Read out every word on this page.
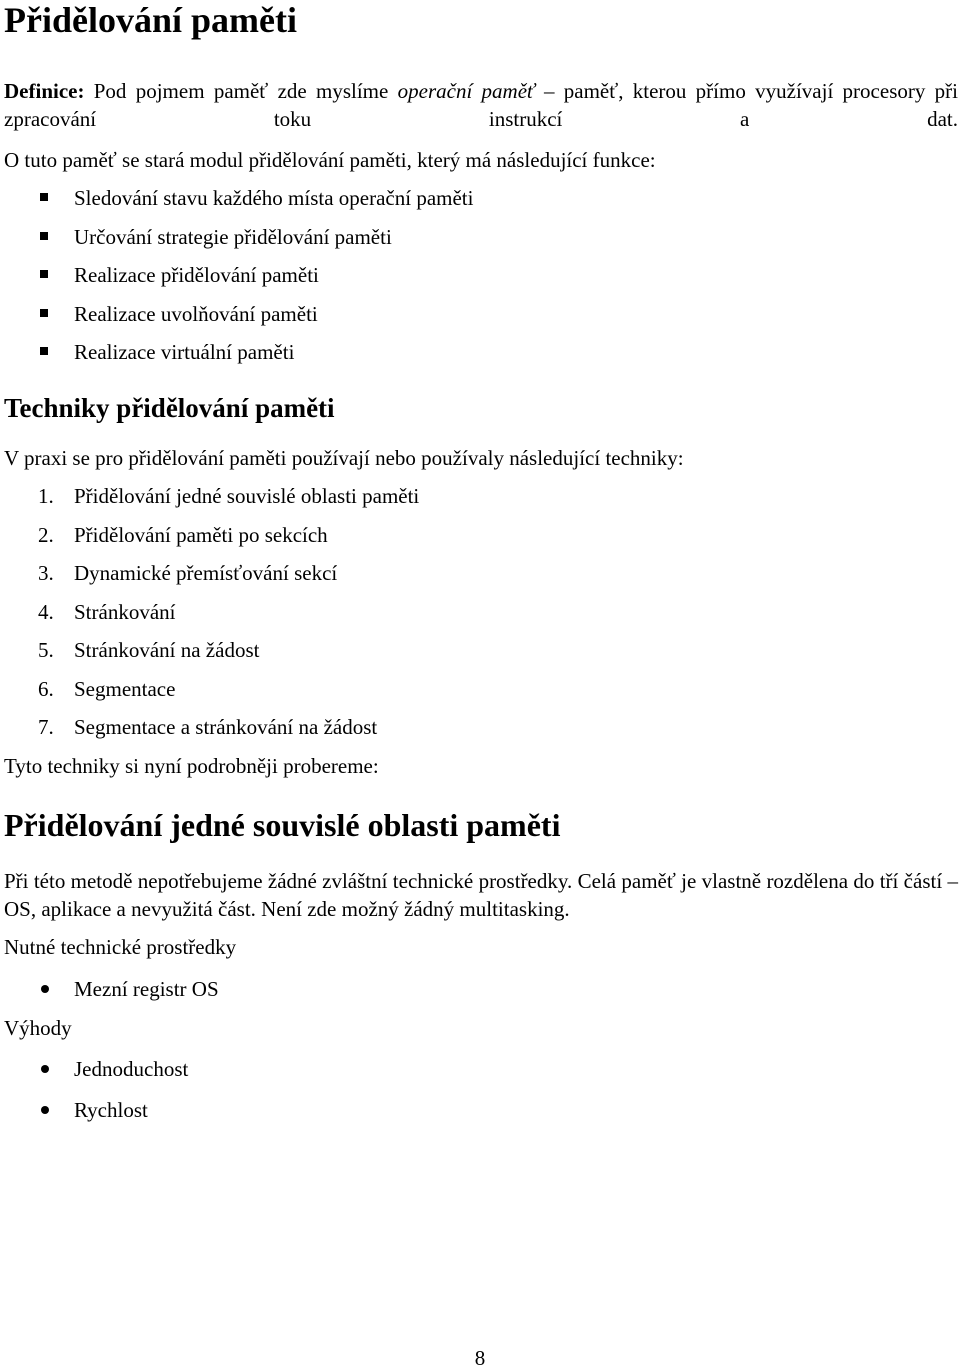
Přidělování paměti
Definice: Pod pojmem paměť zde myslíme operační paměť – paměť, kterou přímo využívají procesory při zpracování toku instrukcí a dat.
O tuto paměť se stará modul přidělování paměti, který má následující funkce:
Sledování stavu každého místa operační paměti
Určování strategie přidělování paměti
Realizace přidělování paměti
Realizace uvolňování paměti
Realizace virtuální paměti
Techniky přidělování paměti
V praxi se pro přidělování paměti používají nebo používaly následující techniky:
1. Přidělování jedné souvislé oblasti paměti
2. Přidělování paměti po sekcích
3. Dynamické přemísťování sekcí
4. Stránkování
5. Stránkování na žádost
6. Segmentace
7. Segmentace a stránkování na žádost
Tyto techniky si nyní podrobněji probereme:
Přidělování jedné souvislé oblasti paměti
Při této metodě nepotřebujeme žádné zvláštní technické prostředky. Celá paměť je vlastně rozdělena do tří částí – OS, aplikace a nevyužitá část. Není zde možný žádný multitasking.
Nutné technické prostředky
Mezní registr OS
Výhody
Jednoduchost
Rychlost
8
